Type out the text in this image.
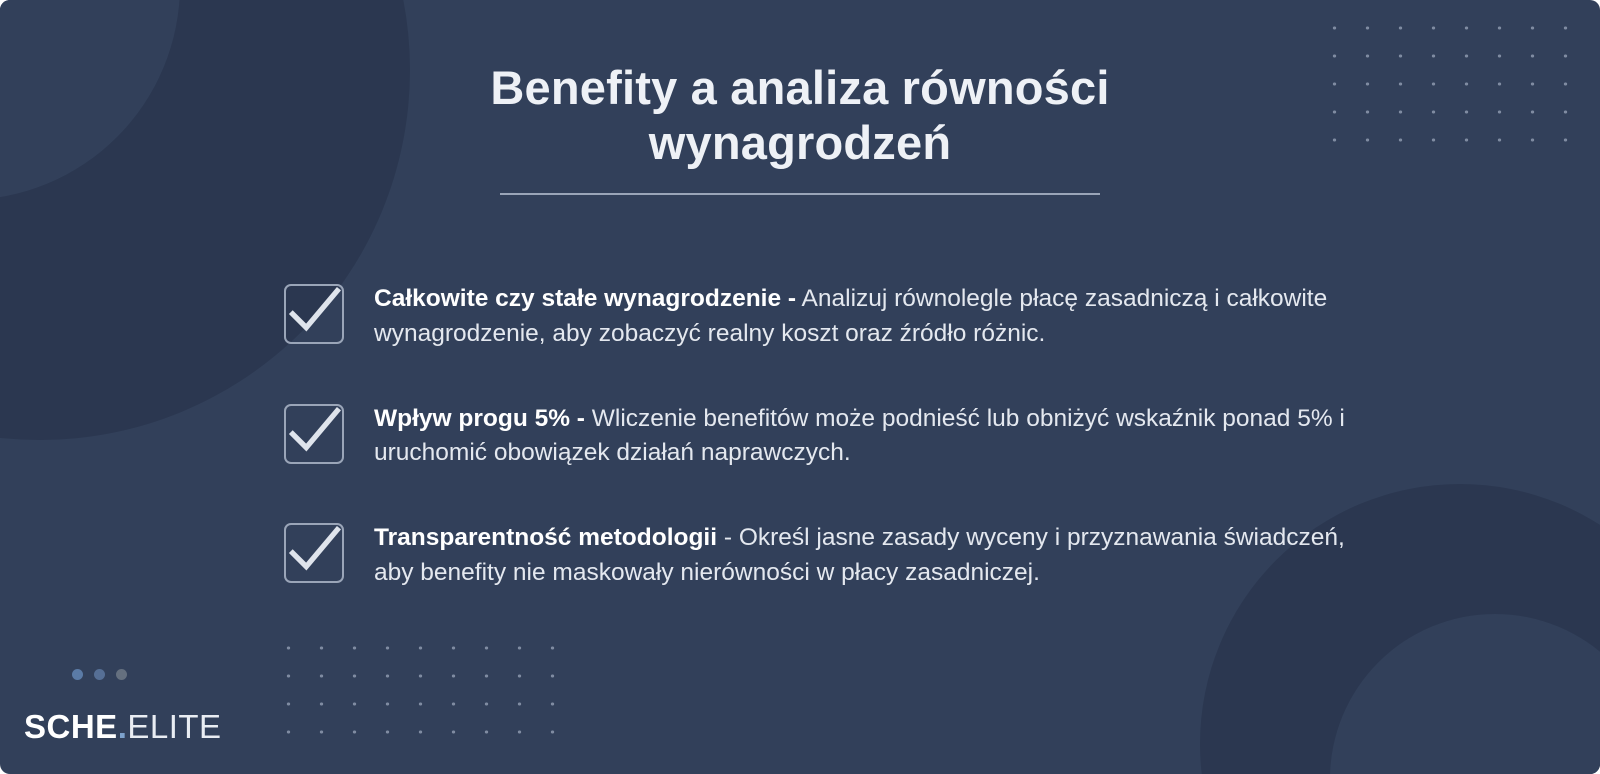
Benefity a analiza równości wynagrodzeń
Całkowite czy stałe wynagrodzenie - Analizuj równolegle płacę zasadniczą i całkowite wynagrodzenie, aby zobaczyć realny koszt oraz źródło różnic.
Wpływ progu 5% - Wliczenie benefitów może podnieść lub obniżyć wskaźnik ponad 5% i uruchomić obowiązek działań naprawczych.
Transparentność metodologii - Określ jasne zasady wyceny i przyznawania świadczeń, aby benefity nie maskowały nierówności w płacy zasadniczej.
SCHE.ELITE
